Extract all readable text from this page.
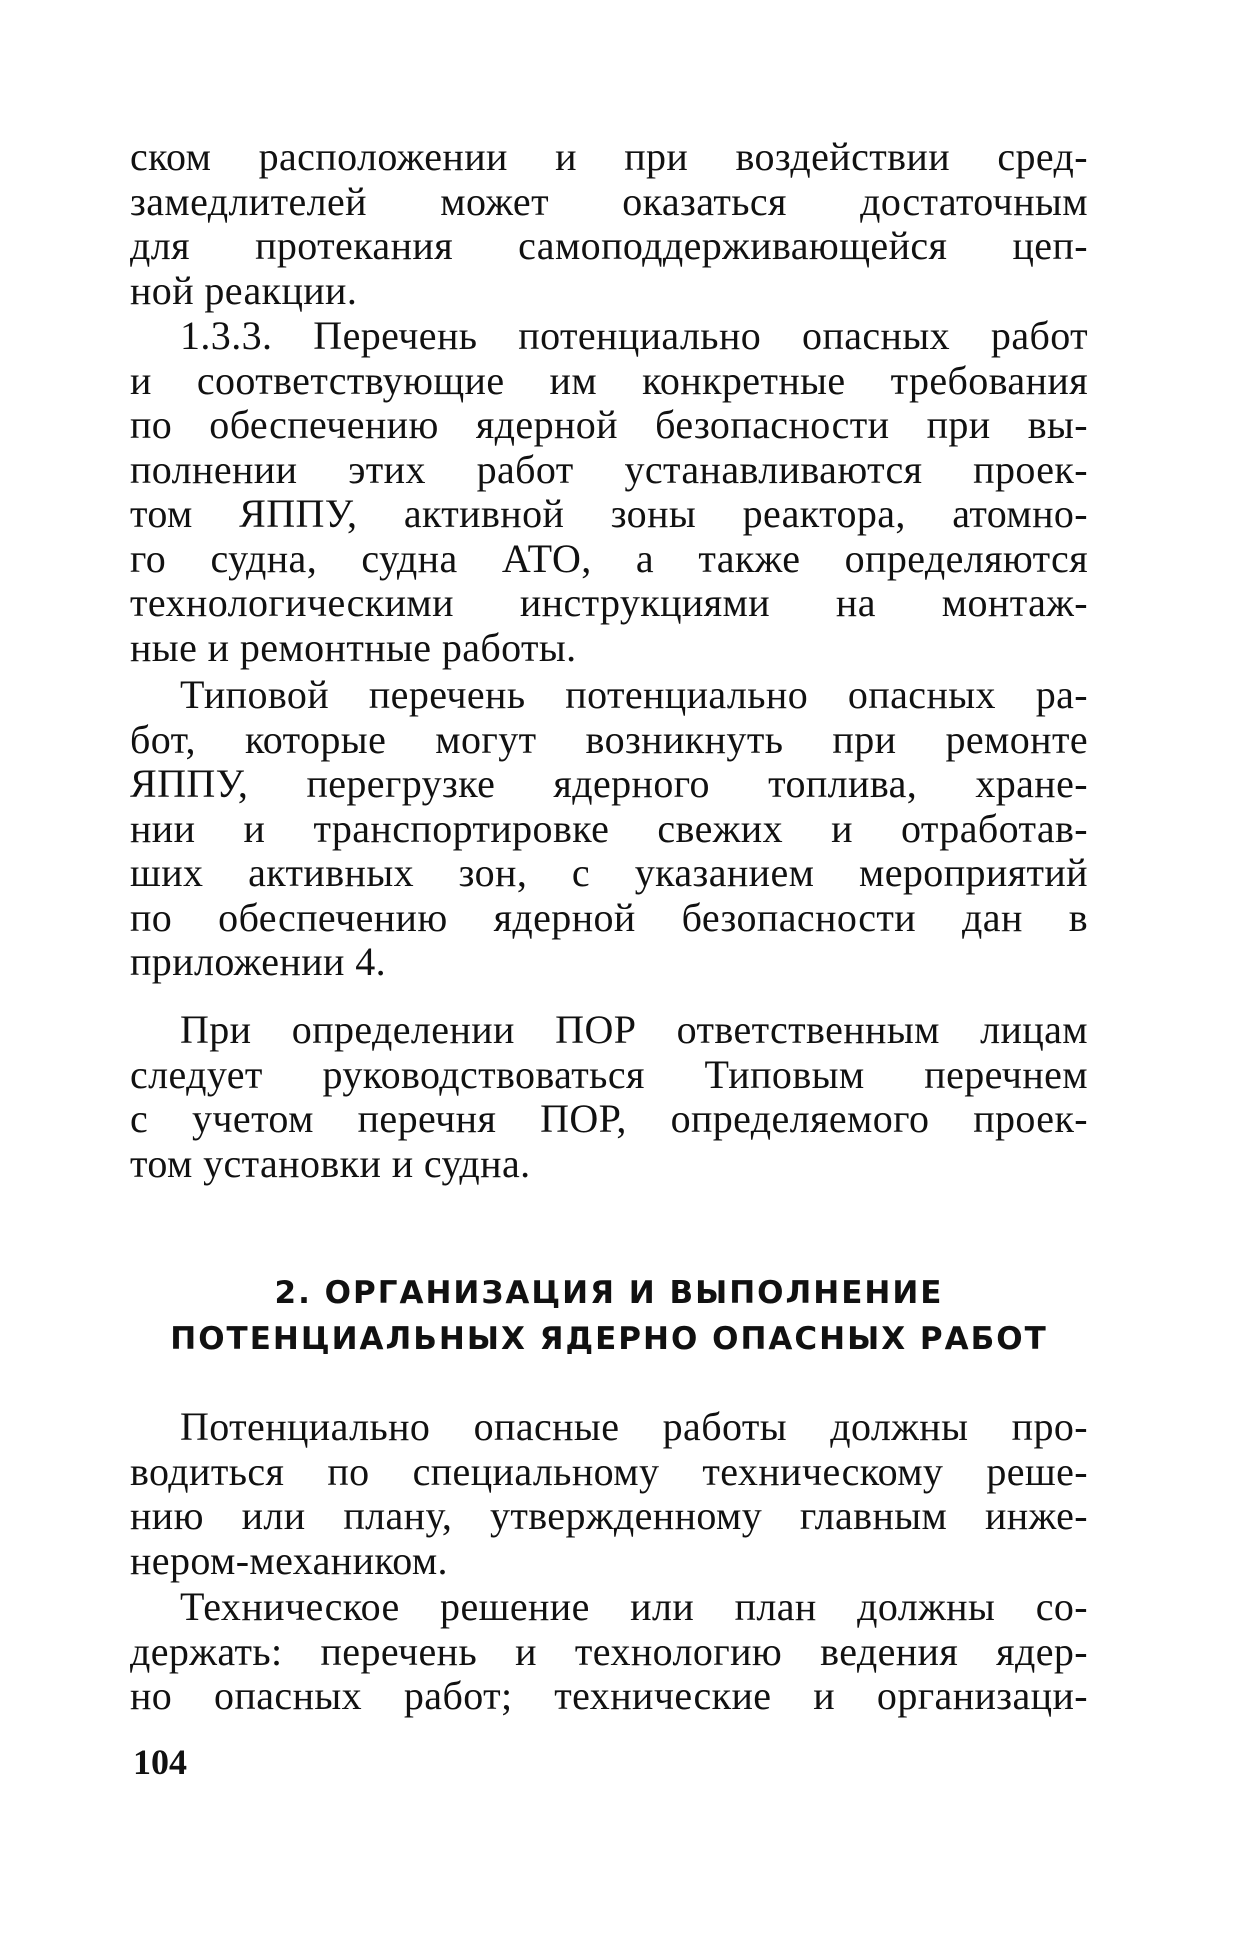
ском расположении и при воздействии сред-
замедлителей может оказаться достаточным
для протекания самоподдерживающейся цеп-
ной реакции.
1.3.3. Перечень потенциально опасных работ
и соответствующие им конкретные требования
по обеспечению ядерной безопасности при вы-
полнении этих работ устанавливаются проек-
том ЯППУ, активной зоны реактора, атомно-
го судна, судна АТО, а также определяются
технологическими инструкциями на монтаж-
ные и ремонтные работы.
Типовой перечень потенциально опасных ра-
бот, которые могут возникнуть при ремонте
ЯППУ, перегрузке ядерного топлива, хране-
нии и транспортировке свежих и отработав-
ших активных зон, с указанием мероприятий
по обеспечению ядерной безопасности дан в
приложении 4.
При определении ПОР ответственным лицам
следует руководствоваться Типовым перечнем
с учетом перечня ПОР, определяемого проек-
том установки и судна.
2. ОРГАНИЗАЦИЯ И ВЫПОЛНЕНИЕ
ПОТЕНЦИАЛЬНЫХ ЯДЕРНО ОПАСНЫХ РАБОТ
Потенциально опасные работы должны про-
водиться по специальному техническому реше-
нию или плану, утвержденному главным инже-
нером-механиком.
Техническое решение или план должны со-
держать: перечень и технологию ведения ядер-
но опасных работ; технические и организаци-
104
